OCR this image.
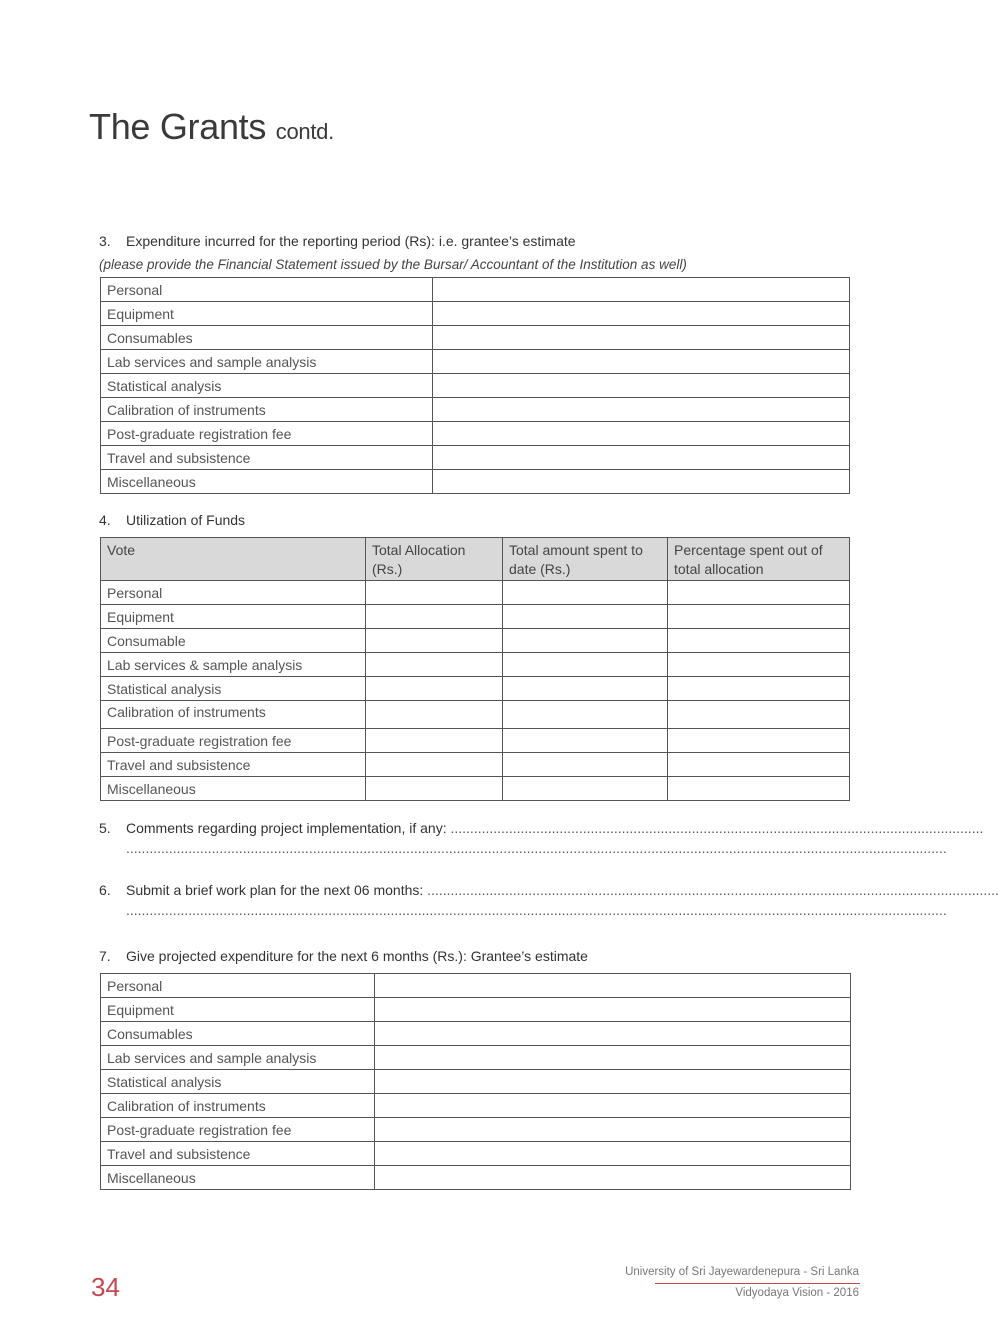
The Grants contd.
3. Expenditure incurred for the reporting period (Rs): i.e. grantee’s estimate
(please provide the Financial Statement issued by the Bursar/ Accountant of the Institution as well)
Personal	
Equipment	
Consumables	
Lab services and sample analysis	
Statistical analysis	
Calibration of instruments	
Post-graduate registration fee	
Travel and subsistence	
Miscellaneous	
4. Utilization of Funds
Vote	Total Allocation (Rs.)	Total amount spent to date (Rs.)	Percentage spent out of total allocation
Personal			
Equipment			
Consumable			
Lab services & sample analysis			
Statistical analysis			
Calibration of instruments			
Post-graduate registration fee			
Travel and subsistence			
Miscellaneous			
5. Comments regarding project implementation, if any: .........................................................................................................................................
...................................................................................................................................................................................................................
6. Submit a brief work plan for the next 06 months: ...................................................................................................................................................
...................................................................................................................................................................................................................
7. Give projected expenditure for the next 6 months (Rs.): Grantee’s estimate
Personal	
Equipment	
Consumables	
Lab services and sample analysis	
Statistical analysis	
Calibration of instruments	
Post-graduate registration fee	
Travel and subsistence	
Miscellaneous	
34	University of Sri Jayewardenepura - Sri Lanka
Vidyodaya Vision - 2016
